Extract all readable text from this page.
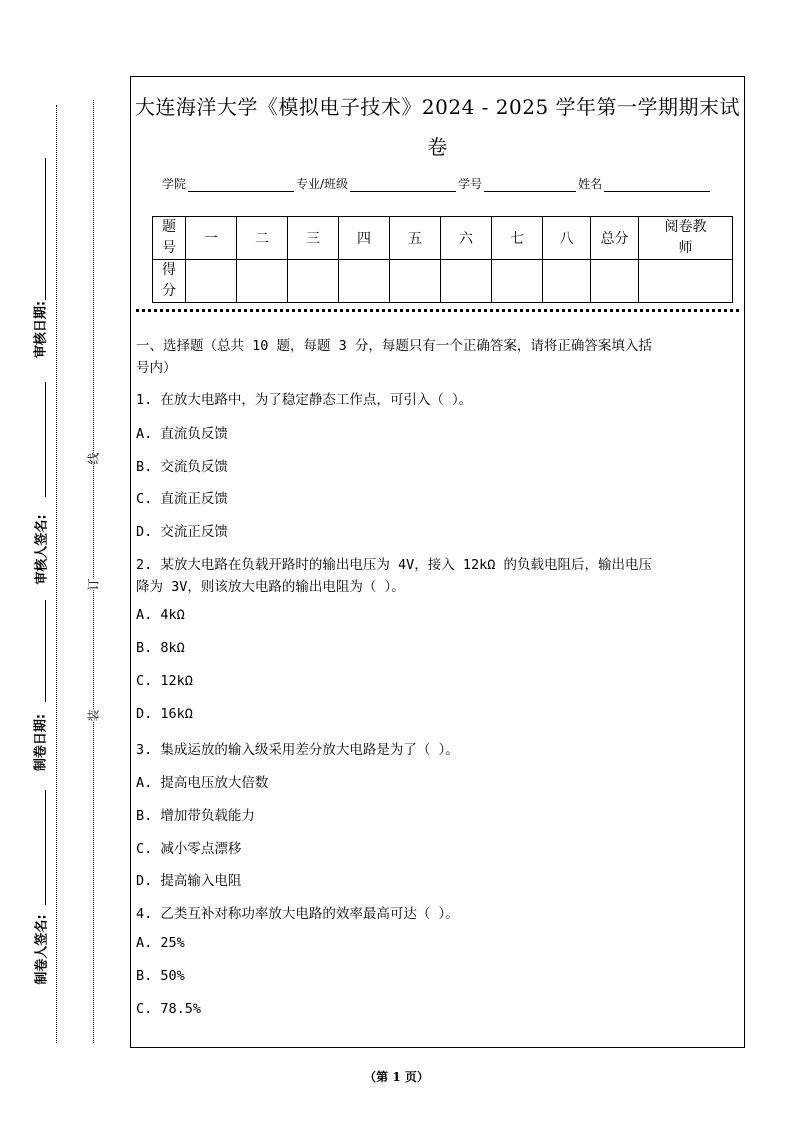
审核日期:
审核人签名:
制卷日期:
制卷人签名:
线
订
装
大连海洋大学《模拟电子技术》2024 - 2025 学年第一学期期末试
卷
学院	专业/班级	学号	姓名
题号	一	二	三	四	五	六	七	八	总分	阅卷教师
得分										
一、选择题（总共 10 题，每题 3 分，每题只有一个正确答案，请将正确答案填入括
号内）
1. 在放大电路中，为了稳定静态工作点，可引入（ ）。
A. 直流负反馈
B. 交流负反馈
C. 直流正反馈
D. 交流正反馈
2. 某放大电路在负载开路时的输出电压为 4V，接入 12kΩ 的负载电阻后，输出电压
降为 3V，则该放大电路的输出电阻为（ ）。
A. 4kΩ
B. 8kΩ
C. 12kΩ
D. 16kΩ
3. 集成运放的输入级采用差分放大电路是为了（ ）。
A. 提高电压放大倍数
B. 增加带负载能力
C. 减小零点漂移
D. 提高输入电阻
4. 乙类互补对称功率放大电路的效率最高可达（ ）。
A. 25%
B. 50%
C. 78.5%
（第 1 页）
